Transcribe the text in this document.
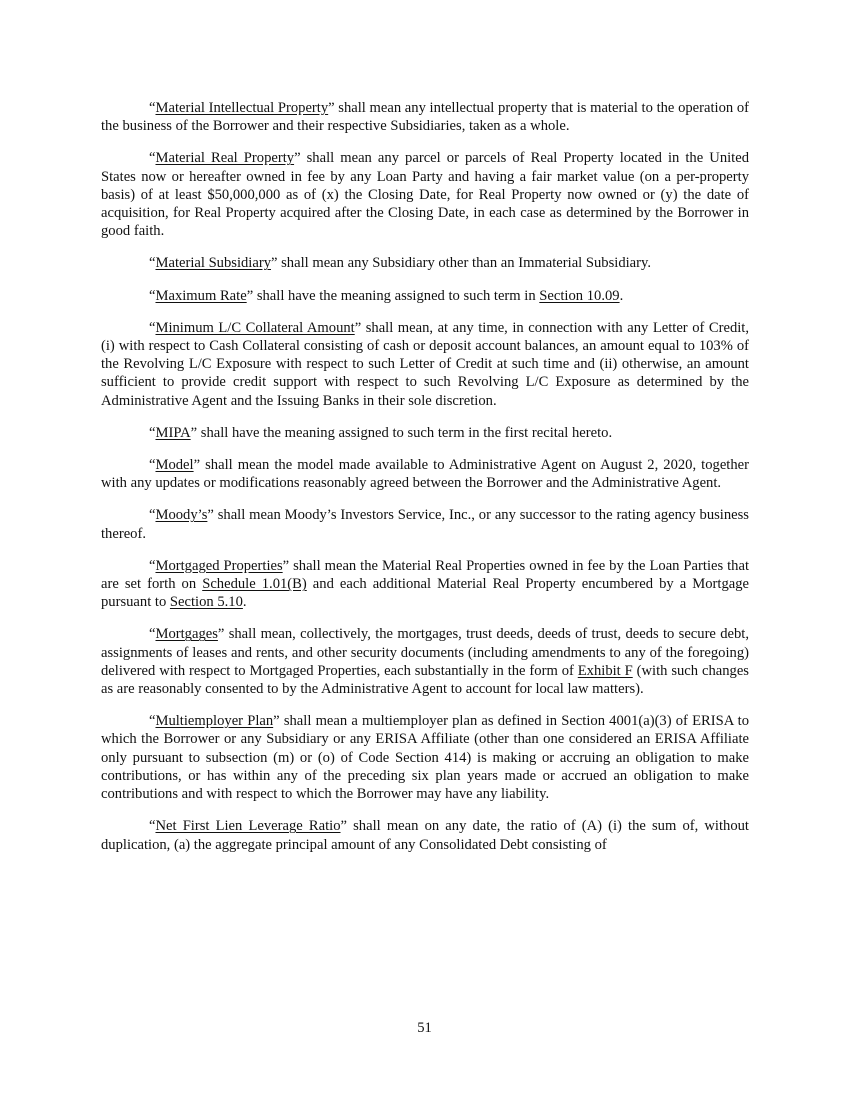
“Material Intellectual Property” shall mean any intellectual property that is material to the operation of the business of the Borrower and their respective Subsidiaries, taken as a whole.

“Material Real Property” shall mean any parcel or parcels of Real Property located in the United States now or hereafter owned in fee by any Loan Party and having a fair market value (on a per-property basis) of at least $50,000,000 as of (x) the Closing Date, for Real Property now owned or (y) the date of acquisition, for Real Property acquired after the Closing Date, in each case as determined by the Borrower in good faith.

“Material Subsidiary” shall mean any Subsidiary other than an Immaterial Subsidiary.

“Maximum Rate” shall have the meaning assigned to such term in Section 10.09.

“Minimum L/C Collateral Amount” shall mean, at any time, in connection with any Letter of Credit, (i) with respect to Cash Collateral consisting of cash or deposit account balances, an amount equal to 103% of the Revolving L/C Exposure with respect to such Letter of Credit at such time and (ii) otherwise, an amount sufficient to provide credit support with respect to such Revolving L/C Exposure as determined by the Administrative Agent and the Issuing Banks in their sole discretion.

“MIPA” shall have the meaning assigned to such term in the first recital hereto.

“Model” shall mean the model made available to Administrative Agent on August 2, 2020, together with any updates or modifications reasonably agreed between the Borrower and the Administrative Agent.

“Moody’s” shall mean Moody’s Investors Service, Inc., or any successor to the rating agency business thereof.

“Mortgaged Properties” shall mean the Material Real Properties owned in fee by the Loan Parties that are set forth on Schedule 1.01(B) and each additional Material Real Property encumbered by a Mortgage pursuant to Section 5.10.

“Mortgages” shall mean, collectively, the mortgages, trust deeds, deeds of trust, deeds to secure debt, assignments of leases and rents, and other security documents (including amendments to any of the foregoing) delivered with respect to Mortgaged Properties, each substantially in the form of Exhibit F (with such changes as are reasonably consented to by the Administrative Agent to account for local law matters).

“Multiemployer Plan” shall mean a multiemployer plan as defined in Section 4001(a)(3) of ERISA to which the Borrower or any Subsidiary or any ERISA Affiliate (other than one considered an ERISA Affiliate only pursuant to subsection (m) or (o) of Code Section 414) is making or accruing an obligation to make contributions, or has within any of the preceding six plan years made or accrued an obligation to make contributions and with respect to which the Borrower may have any liability.

“Net First Lien Leverage Ratio” shall mean on any date, the ratio of (A) (i) the sum of, without duplication, (a) the aggregate principal amount of any Consolidated Debt consisting of

51
